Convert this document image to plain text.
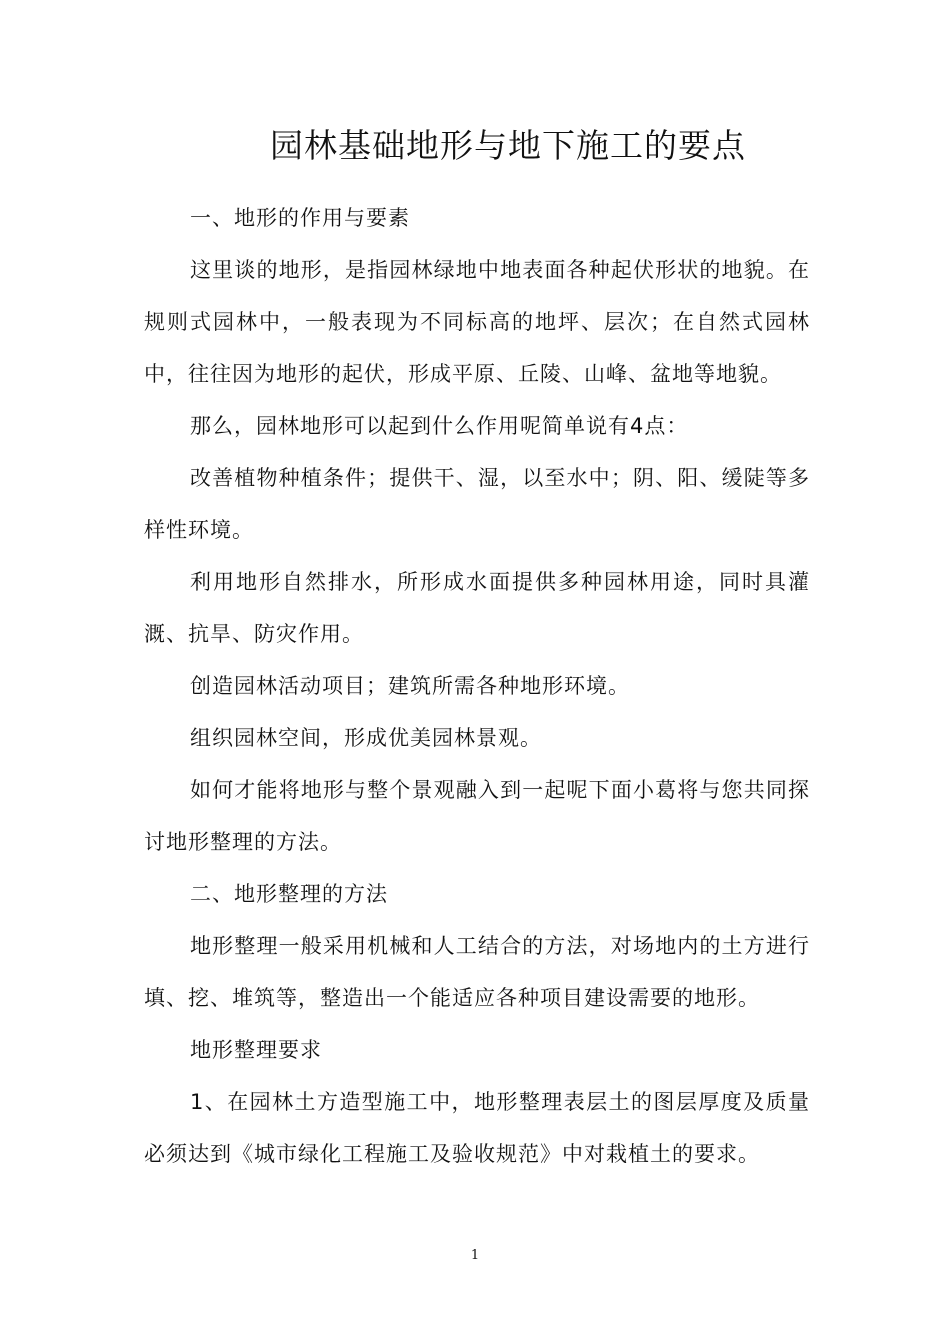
园林基础地形与地下施工的要点

一、地形的作用与要素

这里谈的地形，是指园林绿地中地表面各种起伏形状的地貌。在规则式园林中，一般表现为不同标高的地坪、层次；在自然式园林中，往往因为地形的起伏，形成平原、丘陵、山峰、盆地等地貌。

那么，园林地形可以起到什么作用呢简单说有4点：

改善植物种植条件；提供干、湿，以至水中；阴、阳、缓陡等多样性环境。

利用地形自然排水，所形成水面提供多种园林用途，同时具灌溉、抗旱、防灾作用。

创造园林活动项目；建筑所需各种地形环境。

组织园林空间，形成优美园林景观。

如何才能将地形与整个景观融入到一起呢下面小葛将与您共同探讨地形整理的方法。

二、地形整理的方法

地形整理一般采用机械和人工结合的方法，对场地内的土方进行填、挖、堆筑等，整造出一个能适应各种项目建设需要的地形。

地形整理要求

1、在园林土方造型施工中，地形整理表层土的图层厚度及质量必须达到《城市绿化工程施工及验收规范》中对栽植土的要求。

1
